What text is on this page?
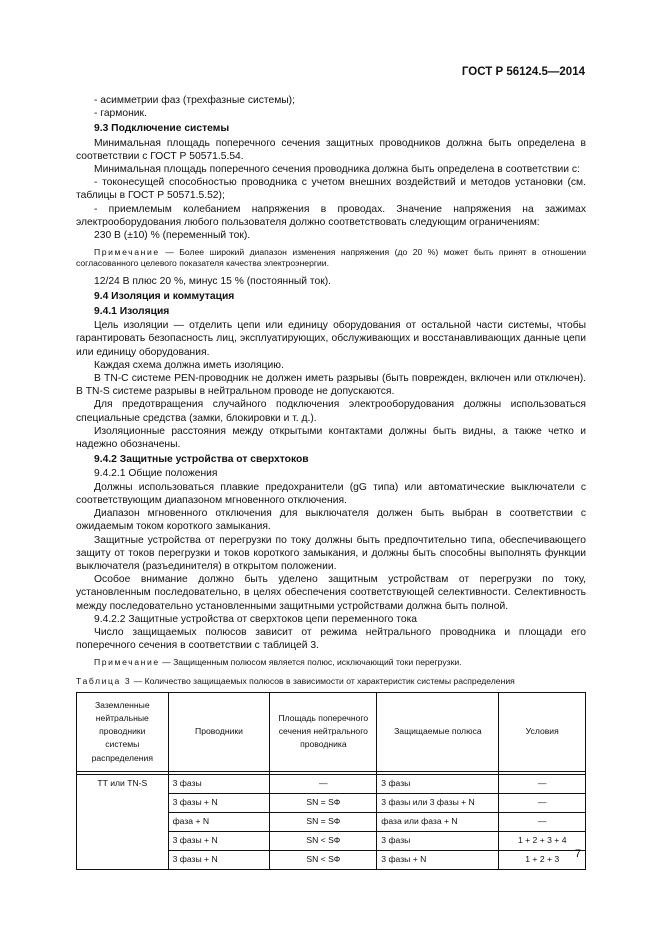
ГОСТ Р 56124.5—2014

- асимметрии фаз (трехфазные системы);

- гармоник.

9.3 Подключение системы

Минимальная площадь поперечного сечения защитных проводников должна быть определена в соответствии с ГОСТ Р 50571.5.54.

Минимальная площадь поперечного сечения проводника должна быть определена в соответствии с:

- токонесущей способностью проводника с учетом внешних воздействий и методов установки (см. таблицы в ГОСТ Р 50571.5.52);

- приемлемым колебанием напряжения в проводах. Значение напряжения на зажимах электрооборудования любого пользователя должно соответствовать следующим ограничениям:

230 В (±10) % (переменный ток).

Примечание — Более широкий диапазон изменения напряжения (до 20 %) может быть принят в отношении согласованного целевого показателя качества электроэнергии.

12/24 В плюс 20 %, минус 15 % (постоянный ток).

9.4 Изоляция и коммутация

9.4.1 Изоляция

Цель изоляции — отделить цепи или единицу оборудования от остальной части системы, чтобы гарантировать безопасность лиц, эксплуатирующих, обслуживающих и восстанавливающих данные цепи или единицу оборудования.

Каждая схема должна иметь изоляцию.

В TN-С системе PEN-проводник не должен иметь разрывы (быть поврежден, включен или отключен). В TN-S системе разрывы в нейтральном проводе не допускаются.

Для предотвращения случайного подключения электрооборудования должны использоваться специальные средства (замки, блокировки и т. д.).

Изоляционные расстояния между открытыми контактами должны быть видны, а также четко и надежно обозначены.

9.4.2 Защитные устройства от сверхтоков

9.4.2.1 Общие положения

Должны использоваться плавкие предохранители (gG типа) или автоматические выключатели с соответствующим диапазоном мгновенного отключения.

Диапазон мгновенного отключения для выключателя должен быть выбран в соответствии с ожидаемым током короткого замыкания.

Защитные устройства от перегрузки по току должны быть предпочтительно типа, обеспечивающего защиту от токов перегрузки и токов короткого замыкания, и должны быть способны выполнять функции выключателя (разъединителя) в открытом положении.

Особое внимание должно быть уделено защитным устройствам от перегрузки по току, установленным последовательно, в целях обеспечения соответствующей селективности. Селективность между последовательно установленными защитными устройствами должна быть полной.

9.4.2.2 Защитные устройства от сверхтоков цепи переменного тока

Число защищаемых полюсов зависит от режима нейтрального проводника и площади его поперечного сечения в соответствии с таблицей 3.

Примечание — Защищенным полюсом является полюс, исключающий токи перегрузки.

Таблица 3 — Количество защищаемых полюсов в зависимости от характеристик системы распределения
Заземленные нейтральные проводники системы распределения	Проводники	Площадь поперечного сечения нейтрального проводника	Защищаемые полюса	Условия

ТТ или TN-S	3 фазы	—	3 фазы	—
	3 фазы + N	SN = SФ	3 фазы или 3 фазы + N	—
	фаза + N	SN = SФ	фаза или фаза + N	—
	3 фазы + N	SN < SФ	3 фазы	1 + 2 + 3 + 4
	3 фазы + N	SN < SФ	3 фазы + N	1 + 2 + 3 7
